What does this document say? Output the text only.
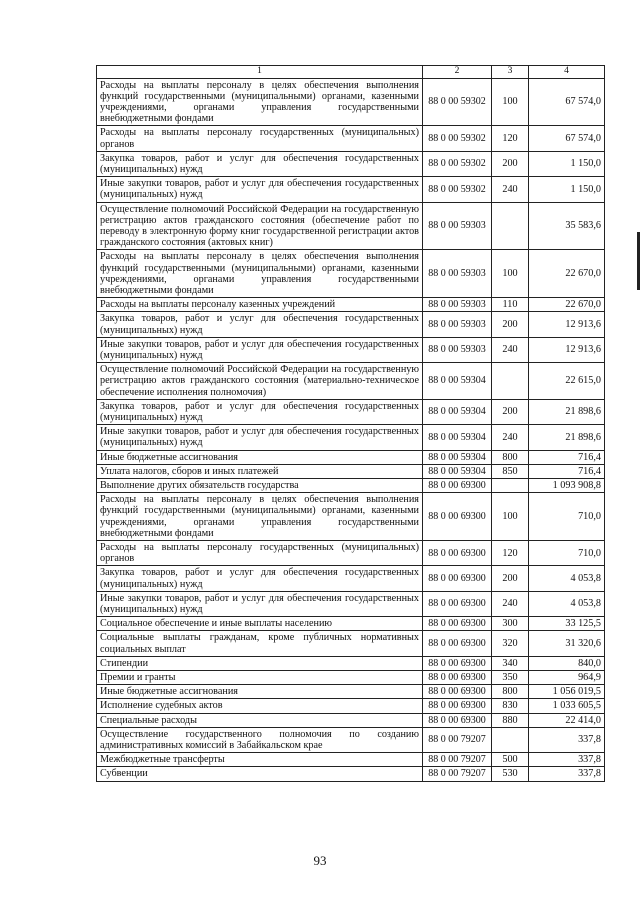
1	2	3	4
Расходы на выплаты персоналу в целях обеспечения выполнения функций государственными (муниципальными) органами, казенными учреждениями, органами управления государственными внебюджетными фондами	88 0 00 59302	100	67 574,0
Расходы на выплаты персоналу государственных (муниципальных) органов	88 0 00 59302	120	67 574,0
Закупка товаров, работ и услуг для обеспечения государственных (муниципальных) нужд	88 0 00 59302	200	1 150,0
Иные закупки товаров, работ и услуг для обеспечения государственных (муниципальных) нужд	88 0 00 59302	240	1 150,0
Осуществление полномочий Российской Федерации на государственную регистрацию актов гражданского состояния (обеспечение работ по переводу в электронную форму книг государственной регистрации актов гражданского состояния (актовых книг)	88 0 00 59303		35 583,6
Расходы на выплаты персоналу в целях обеспечения выполнения функций государственными (муниципальными) органами, казенными учреждениями, органами управления государственными внебюджетными фондами	88 0 00 59303	100	22 670,0
Расходы на выплаты персоналу казенных учреждений	88 0 00 59303	110	22 670,0
Закупка товаров, работ и услуг для обеспечения государственных (муниципальных) нужд	88 0 00 59303	200	12 913,6
Иные закупки товаров, работ и услуг для обеспечения государственных (муниципальных) нужд	88 0 00 59303	240	12 913,6
Осуществление полномочий Российской Федерации на государственную регистрацию актов гражданского состояния (материально-техническое обеспечение исполнения полномочия)	88 0 00 59304		22 615,0
Закупка товаров, работ и услуг для обеспечения государственных (муниципальных) нужд	88 0 00 59304	200	21 898,6
Иные закупки товаров, работ и услуг для обеспечения государственных (муниципальных) нужд	88 0 00 59304	240	21 898,6
Иные бюджетные ассигнования	88 0 00 59304	800	716,4
Уплата налогов, сборов и иных платежей	88 0 00 59304	850	716,4
Выполнение других обязательств государства	88 0 00 69300		1 093 908,8
Расходы на выплаты персоналу в целях обеспечения выполнения функций государственными (муниципальными) органами, казенными учреждениями, органами управления государственными внебюджетными фондами	88 0 00 69300	100	710,0
Расходы на выплаты персоналу государственных (муниципальных) органов	88 0 00 69300	120	710,0
Закупка товаров, работ и услуг для обеспечения государственных (муниципальных) нужд	88 0 00 69300	200	4 053,8
Иные закупки товаров, работ и услуг для обеспечения государственных (муниципальных) нужд	88 0 00 69300	240	4 053,8
Социальное обеспечение и иные выплаты населению	88 0 00 69300	300	33 125,5
Социальные выплаты гражданам, кроме публичных нормативных социальных выплат	88 0 00 69300	320	31 320,6
Стипендии	88 0 00 69300	340	840,0
Премии и гранты	88 0 00 69300	350	964,9
Иные бюджетные ассигнования	88 0 00 69300	800	1 056 019,5
Исполнение судебных актов	88 0 00 69300	830	1 033 605,5
Специальные расходы	88 0 00 69300	880	22 414,0
Осуществление государственного полномочия по созданию административных комиссий в Забайкальском крае	88 0 00 79207		337,8
Межбюджетные трансферты	88 0 00 79207	500	337,8
Субвенции	88 0 00 79207	530	337,8
93
